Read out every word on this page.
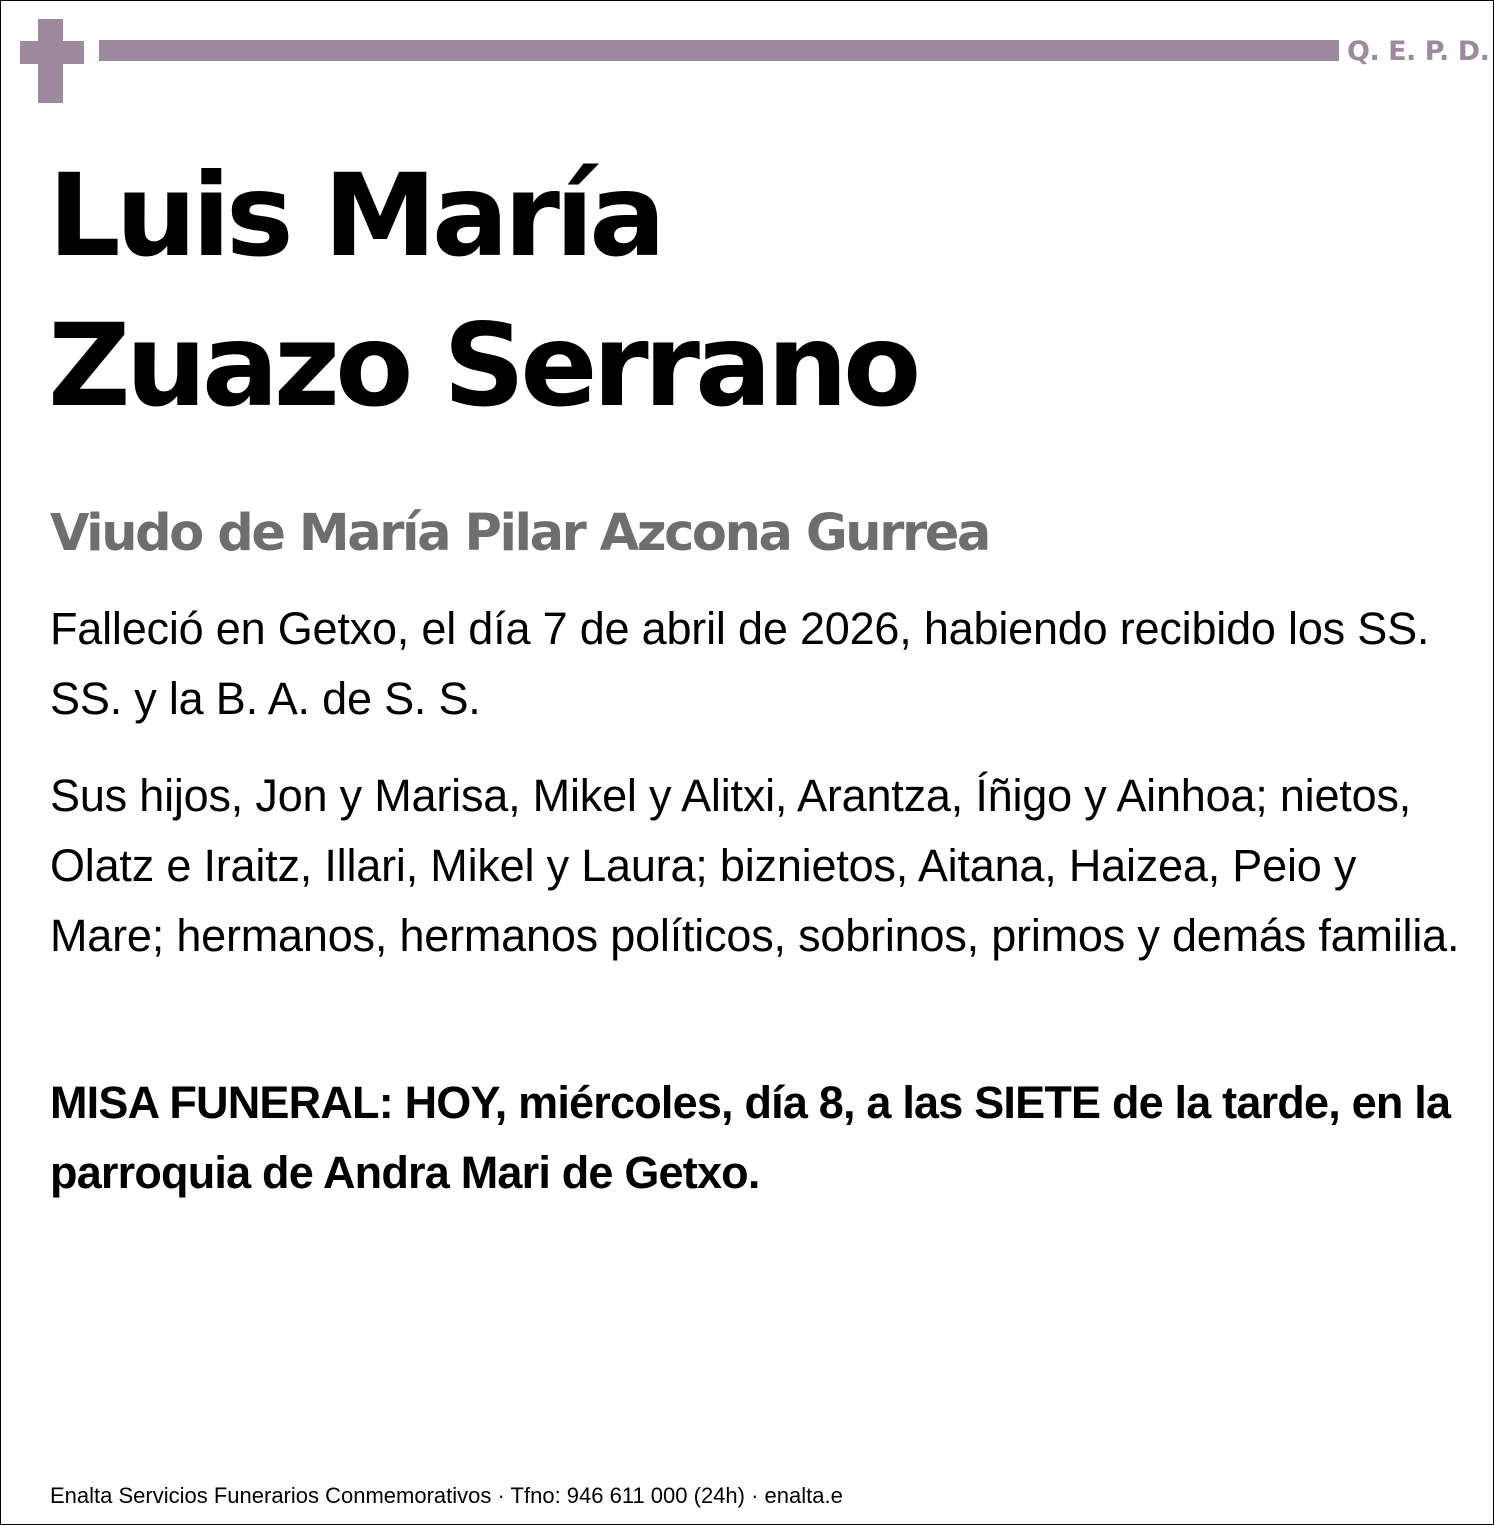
Q. E. P. D.
Luis María
Zuazo Serrano
Viudo de María Pilar Azcona Gurrea
Falleció en Getxo, el día 7 de abril de 2026, habiendo recibido los SS. SS. y la B. A. de S. S.
Sus hijos, Jon y Marisa, Mikel y Alitxi, Arantza, Íñigo y Ainhoa; nietos, Olatz e Iraitz, Illari, Mikel y Laura; biznietos, Aitana, Haizea, Peio y Mare; hermanos, hermanos políticos, sobrinos, primos y demás familia.
MISA FUNERAL: HOY, miércoles, día 8, a las SIETE de la tarde, en la parroquia de Andra Mari de Getxo.
Enalta Servicios Funerarios Conmemorativos · Tfno: 946 611 000 (24h) · enalta.e
